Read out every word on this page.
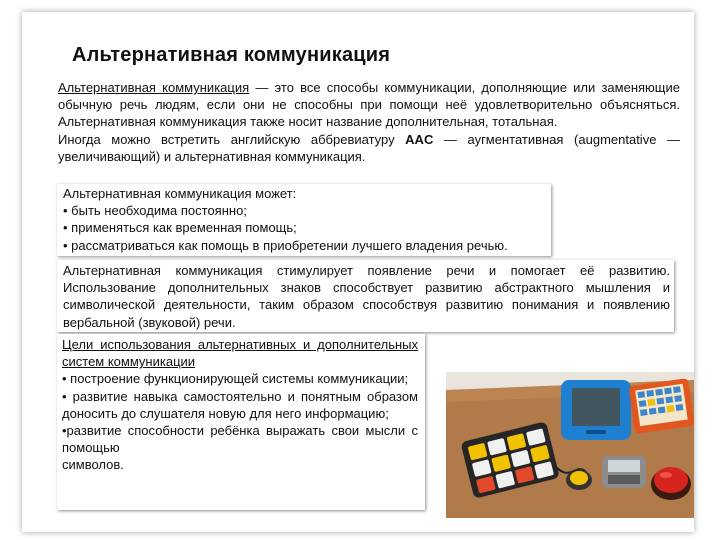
Альтернативная коммуникация
Альтернативная коммуникация — это все способы коммуникации, дополняющие или заменяющие обычную речь людям, если они не способны при помощи неё удовлетворительно объясняться. Альтернативная коммуникация также носит название дополнительная, тотальная.
Иногда можно встретить английскую аббревиатуру AAC — аугментативная (augmentative — увеличивающий) и альтернативная коммуникация.
Альтернативная коммуникация может:
• быть необходима постоянно;
• применяться как временная помощь;
• рассматриваться как помощь в приобретении лучшего владения речью.
Альтернативная коммуникация стимулирует появление речи и помогает её развитию. Использование дополнительных знаков способствует развитию абстрактного мышления и символической деятельности, таким образом способствуя развитию понимания и появлению вербальной (звуковой) речи.
Цели использования альтернативных и дополнительных систем коммуникации
• построение функционирующей системы коммуникации;
• развитие навыка самостоятельно и понятным образом доносить до слушателя новую для него информацию;
•развитие способности ребёнка выражать свои мысли с помощью
символов.
